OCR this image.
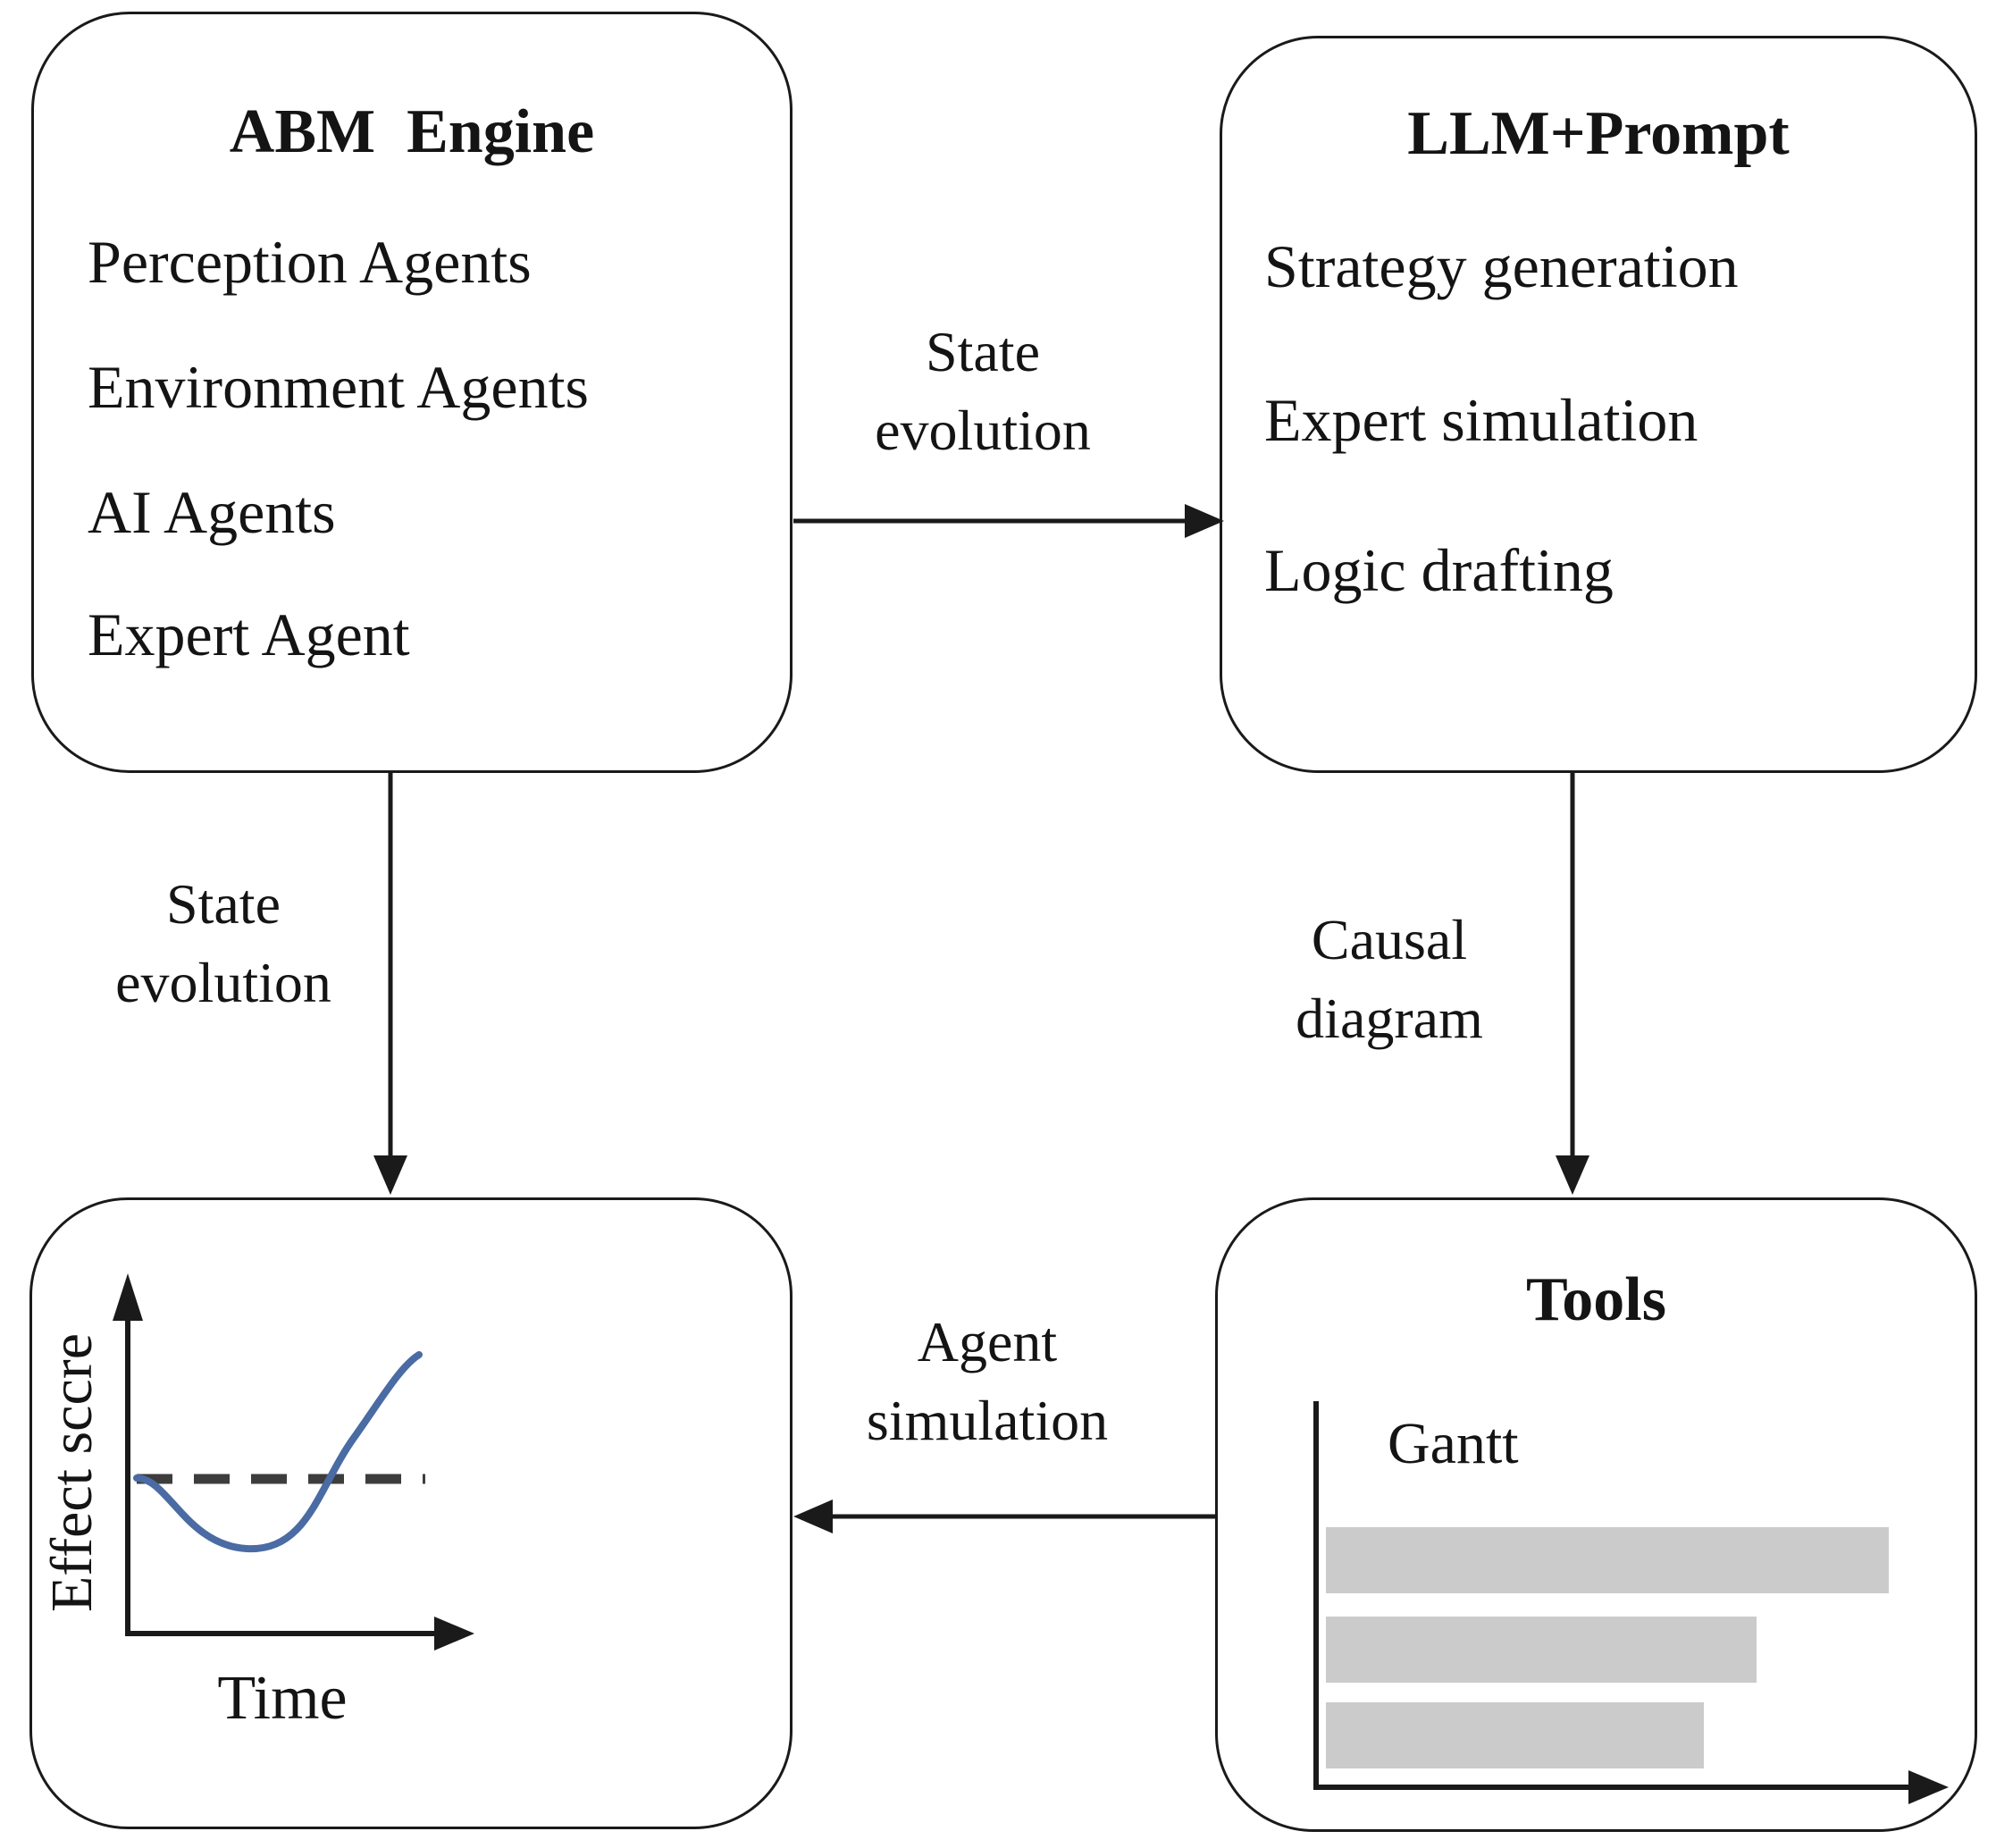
ABM  Engine
Perception Agents
Environment Agents
AI Agents
Expert Agent
LLM+Prompt
Strategy generation
Expert simulation
Logic drafting
Effect sccre
Time
Tools
Gantt
State
evolution
State
evolution
Causal
diagram
Agent
simulation
